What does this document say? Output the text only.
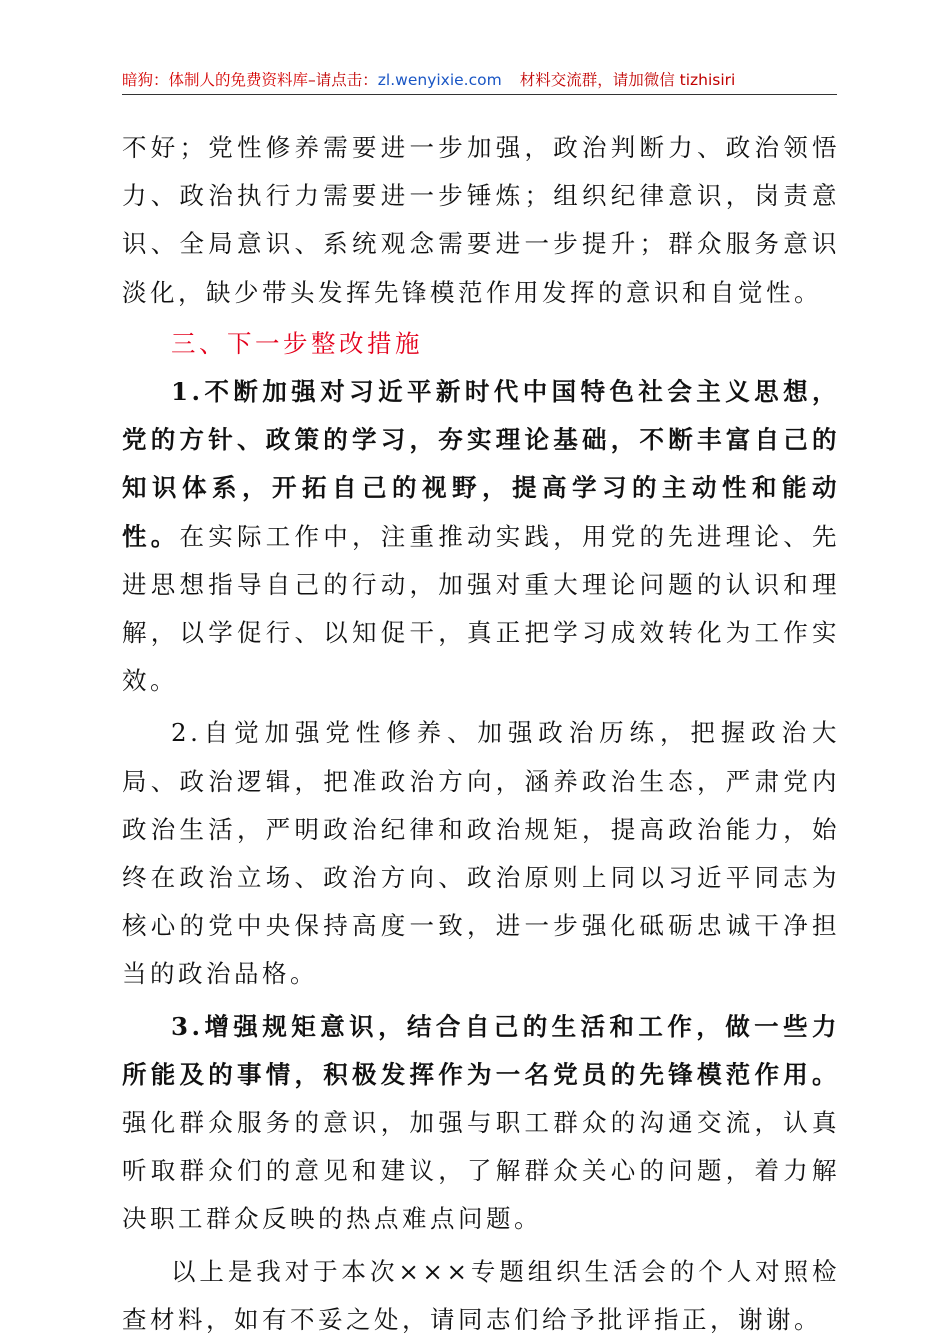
暗狗：体制人的免费资料库–请点击：zl.wenyixie.com 材料交流群，请加微信 tizhisiri

不好；党性修养需要进一步加强，政治判断力、政治领悟力、政治执行力需要进一步锤炼；组织纪律意识，岗责意识、全局意识、系统观念需要进一步提升；群众服务意识淡化，缺少带头发挥先锋模范作用发挥的意识和自觉性。

三、下一步整改措施

1.不断加强对习近平新时代中国特色社会主义思想，党的方针、政策的学习，夯实理论基础，不断丰富自己的知识体系，开拓自己的视野，提高学习的主动性和能动性。在实际工作中，注重推动实践，用党的先进理论、先进思想指导自己的行动，加强对重大理论问题的认识和理解，以学促行、以知促干，真正把学习成效转化为工作实效。

2.自觉加强党性修养、加强政治历练，把握政治大局、政治逻辑，把准政治方向，涵养政治生态，严肃党内政治生活，严明政治纪律和政治规矩，提高政治能力，始终在政治立场、政治方向、政治原则上同以习近平同志为核心的党中央保持高度一致，进一步强化砥砺忠诚干净担当的政治品格。

3.增强规矩意识，结合自己的生活和工作，做一些力所能及的事情，积极发挥作为一名党员的先锋模范作用。强化群众服务的意识，加强与职工群众的沟通交流，认真听取群众们的意见和建议，了解群众关心的问题，着力解决职工群众反映的热点难点问题。

以上是我对于本次×××专题组织生活会的个人对照检查材料，如有不妥之处，请同志们给予批评指正，谢谢。
